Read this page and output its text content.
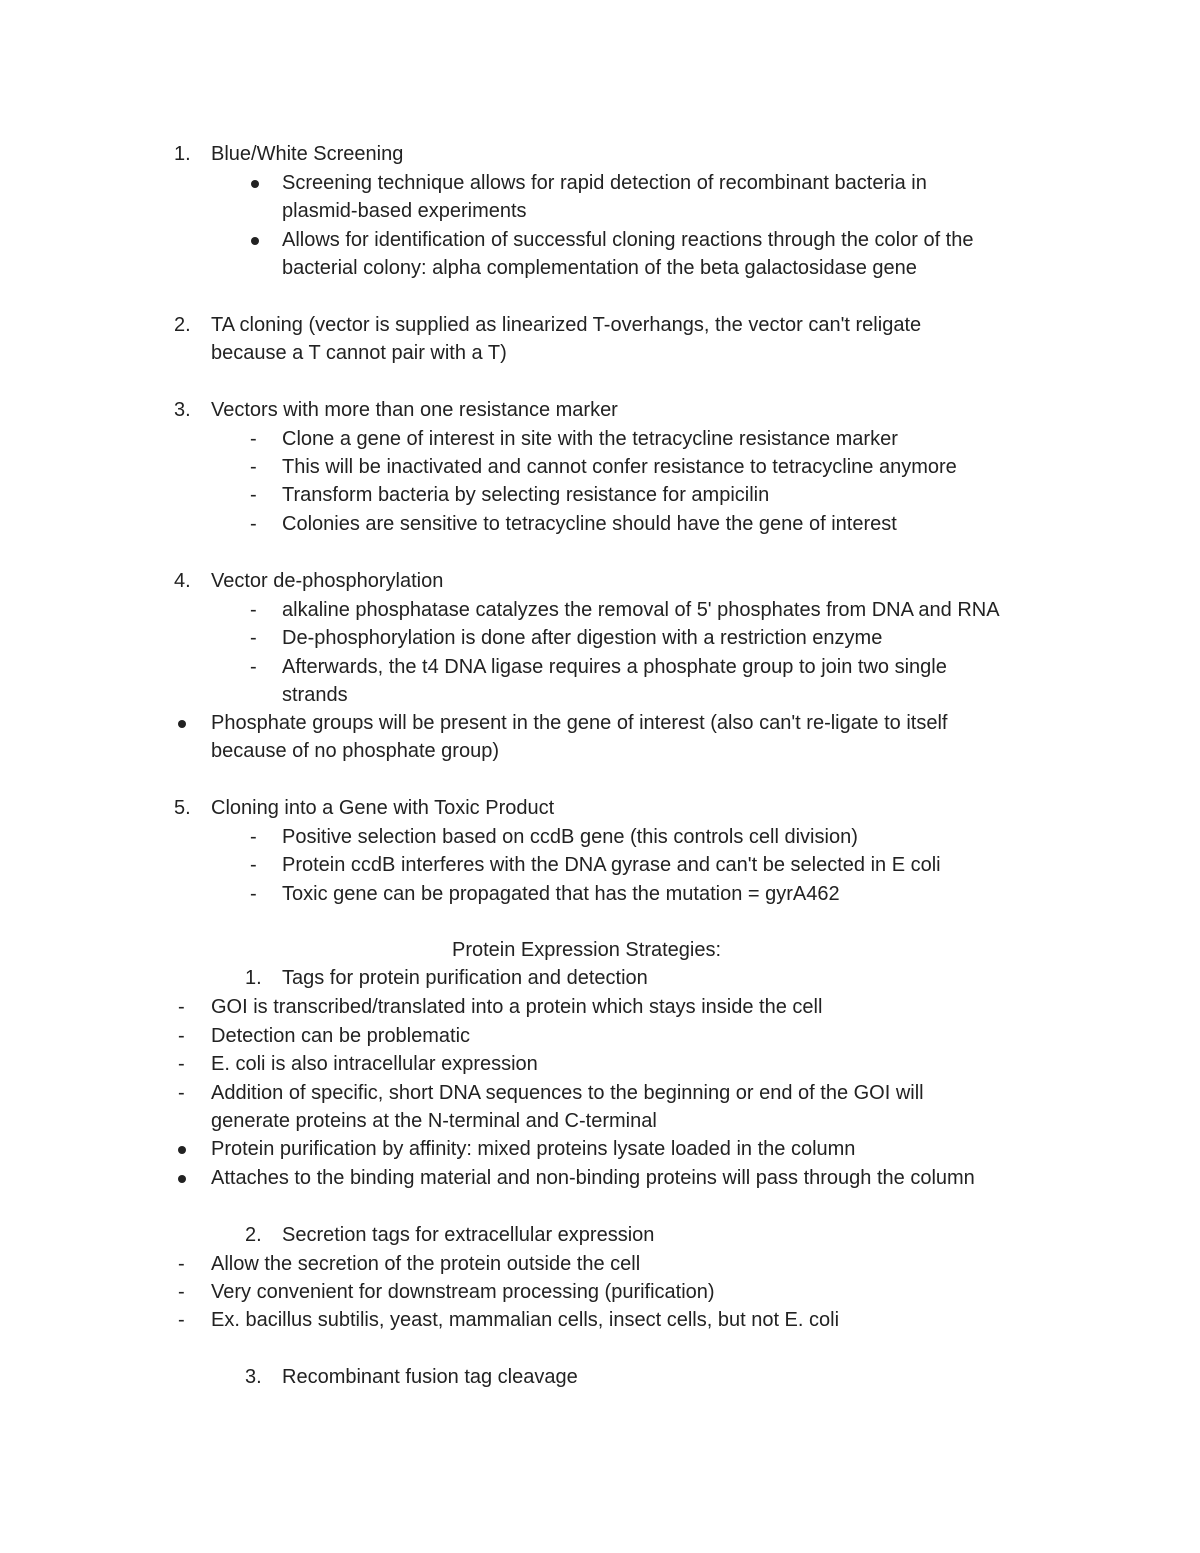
1. Blue/White Screening
Screening technique allows for rapid detection of recombinant bacteria in
plasmid-based experiments
Allows for identification of successful cloning reactions through the color of the
bacterial colony: alpha complementation of the beta galactosidase gene
2. TA cloning (vector is supplied as linearized T-overhangs, the vector can't religate
because a T cannot pair with a T)
3. Vectors with more than one resistance marker
- Clone a gene of interest in site with the tetracycline resistance marker
- This will be inactivated and cannot confer resistance to tetracycline anymore
- Transform bacteria by selecting resistance for ampicilin
- Colonies are sensitive to tetracycline should have the gene of interest
4. Vector de-phosphorylation
- alkaline phosphatase catalyzes the removal of 5' phosphates from DNA and RNA
- De-phosphorylation is done after digestion with a restriction enzyme
- Afterwards, the t4 DNA ligase requires a phosphate group to join two single
strands
Phosphate groups will be present in the gene of interest (also can't re-ligate to itself
because of no phosphate group)
5. Cloning into a Gene with Toxic Product
- Positive selection based on ccdB gene (this controls cell division)
- Protein ccdB interferes with the DNA gyrase and can't be selected in E coli
- Toxic gene can be propagated that has the mutation = gyrA462
Protein Expression Strategies:
1. Tags for protein purification and detection
- GOI is transcribed/translated into a protein which stays inside the cell
- Detection can be problematic
- E. coli is also intracellular expression
- Addition of specific, short DNA sequences to the beginning or end of the GOI will
generate proteins at the N-terminal and C-terminal
Protein purification by affinity: mixed proteins lysate loaded in the column
Attaches to the binding material and non-binding proteins will pass through the column
2. Secretion tags for extracellular expression
- Allow the secretion of the protein outside the cell
- Very convenient for downstream processing (purification)
- Ex. bacillus subtilis, yeast, mammalian cells, insect cells, but not E. coli
3. Recombinant fusion tag cleavage
